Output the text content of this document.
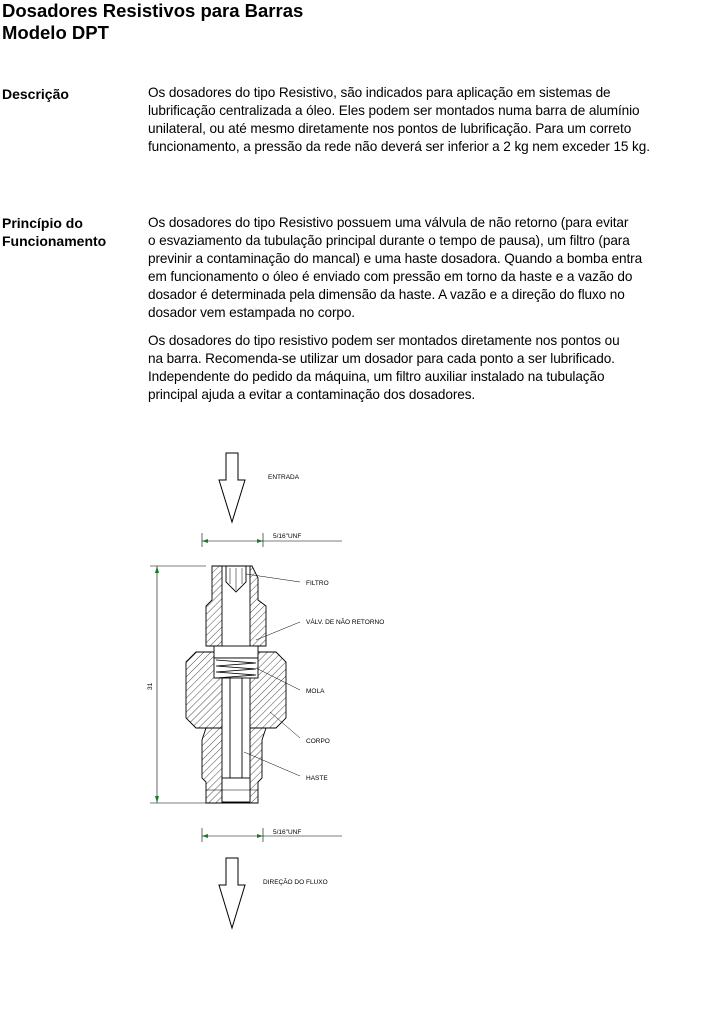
Dosadores Resistivos para Barras
Modelo DPT
Descrição	Os dosadores do tipo Resistivo, são indicados para aplicação em sistemas de
lubrificação centralizada a óleo. Eles podem ser montados numa barra de alumínio
unilateral, ou até mesmo diretamente nos pontos de lubrificação. Para um correto
funcionamento, a pressão da rede não deverá ser inferior a 2 kg nem exceder 15 kg.
Princípio do
Funcionamento
Os dosadores do tipo Resistivo possuem uma válvula de não retorno (para evitar
o esvaziamento da tubulação principal durante o tempo de pausa), um filtro (para
previnir a contaminação do mancal) e uma haste dosadora. Quando a bomba entra
em funcionamento o óleo é enviado com pressão em torno da haste e a vazão do
dosador é determinada pela dimensão da haste. A vazão e a direção do fluxo no
dosador vem estampada no corpo.
Os dosadores do tipo resistivo podem ser montados diretamente nos pontos ou
na barra. Recomenda-se utilizar um dosador para cada ponto a ser lubrificado.
Independente do pedido da máquina, um filtro auxiliar instalado na tubulação
principal ajuda a evitar a contaminação dos dosadores.
ENTRADA
5/16"UNF
31
FILTRO
VÁLV. DE NÃO RETORNO
MOLA
CORPO
HASTE
5/16"UNF
DIREÇÃO DO FLUXO
